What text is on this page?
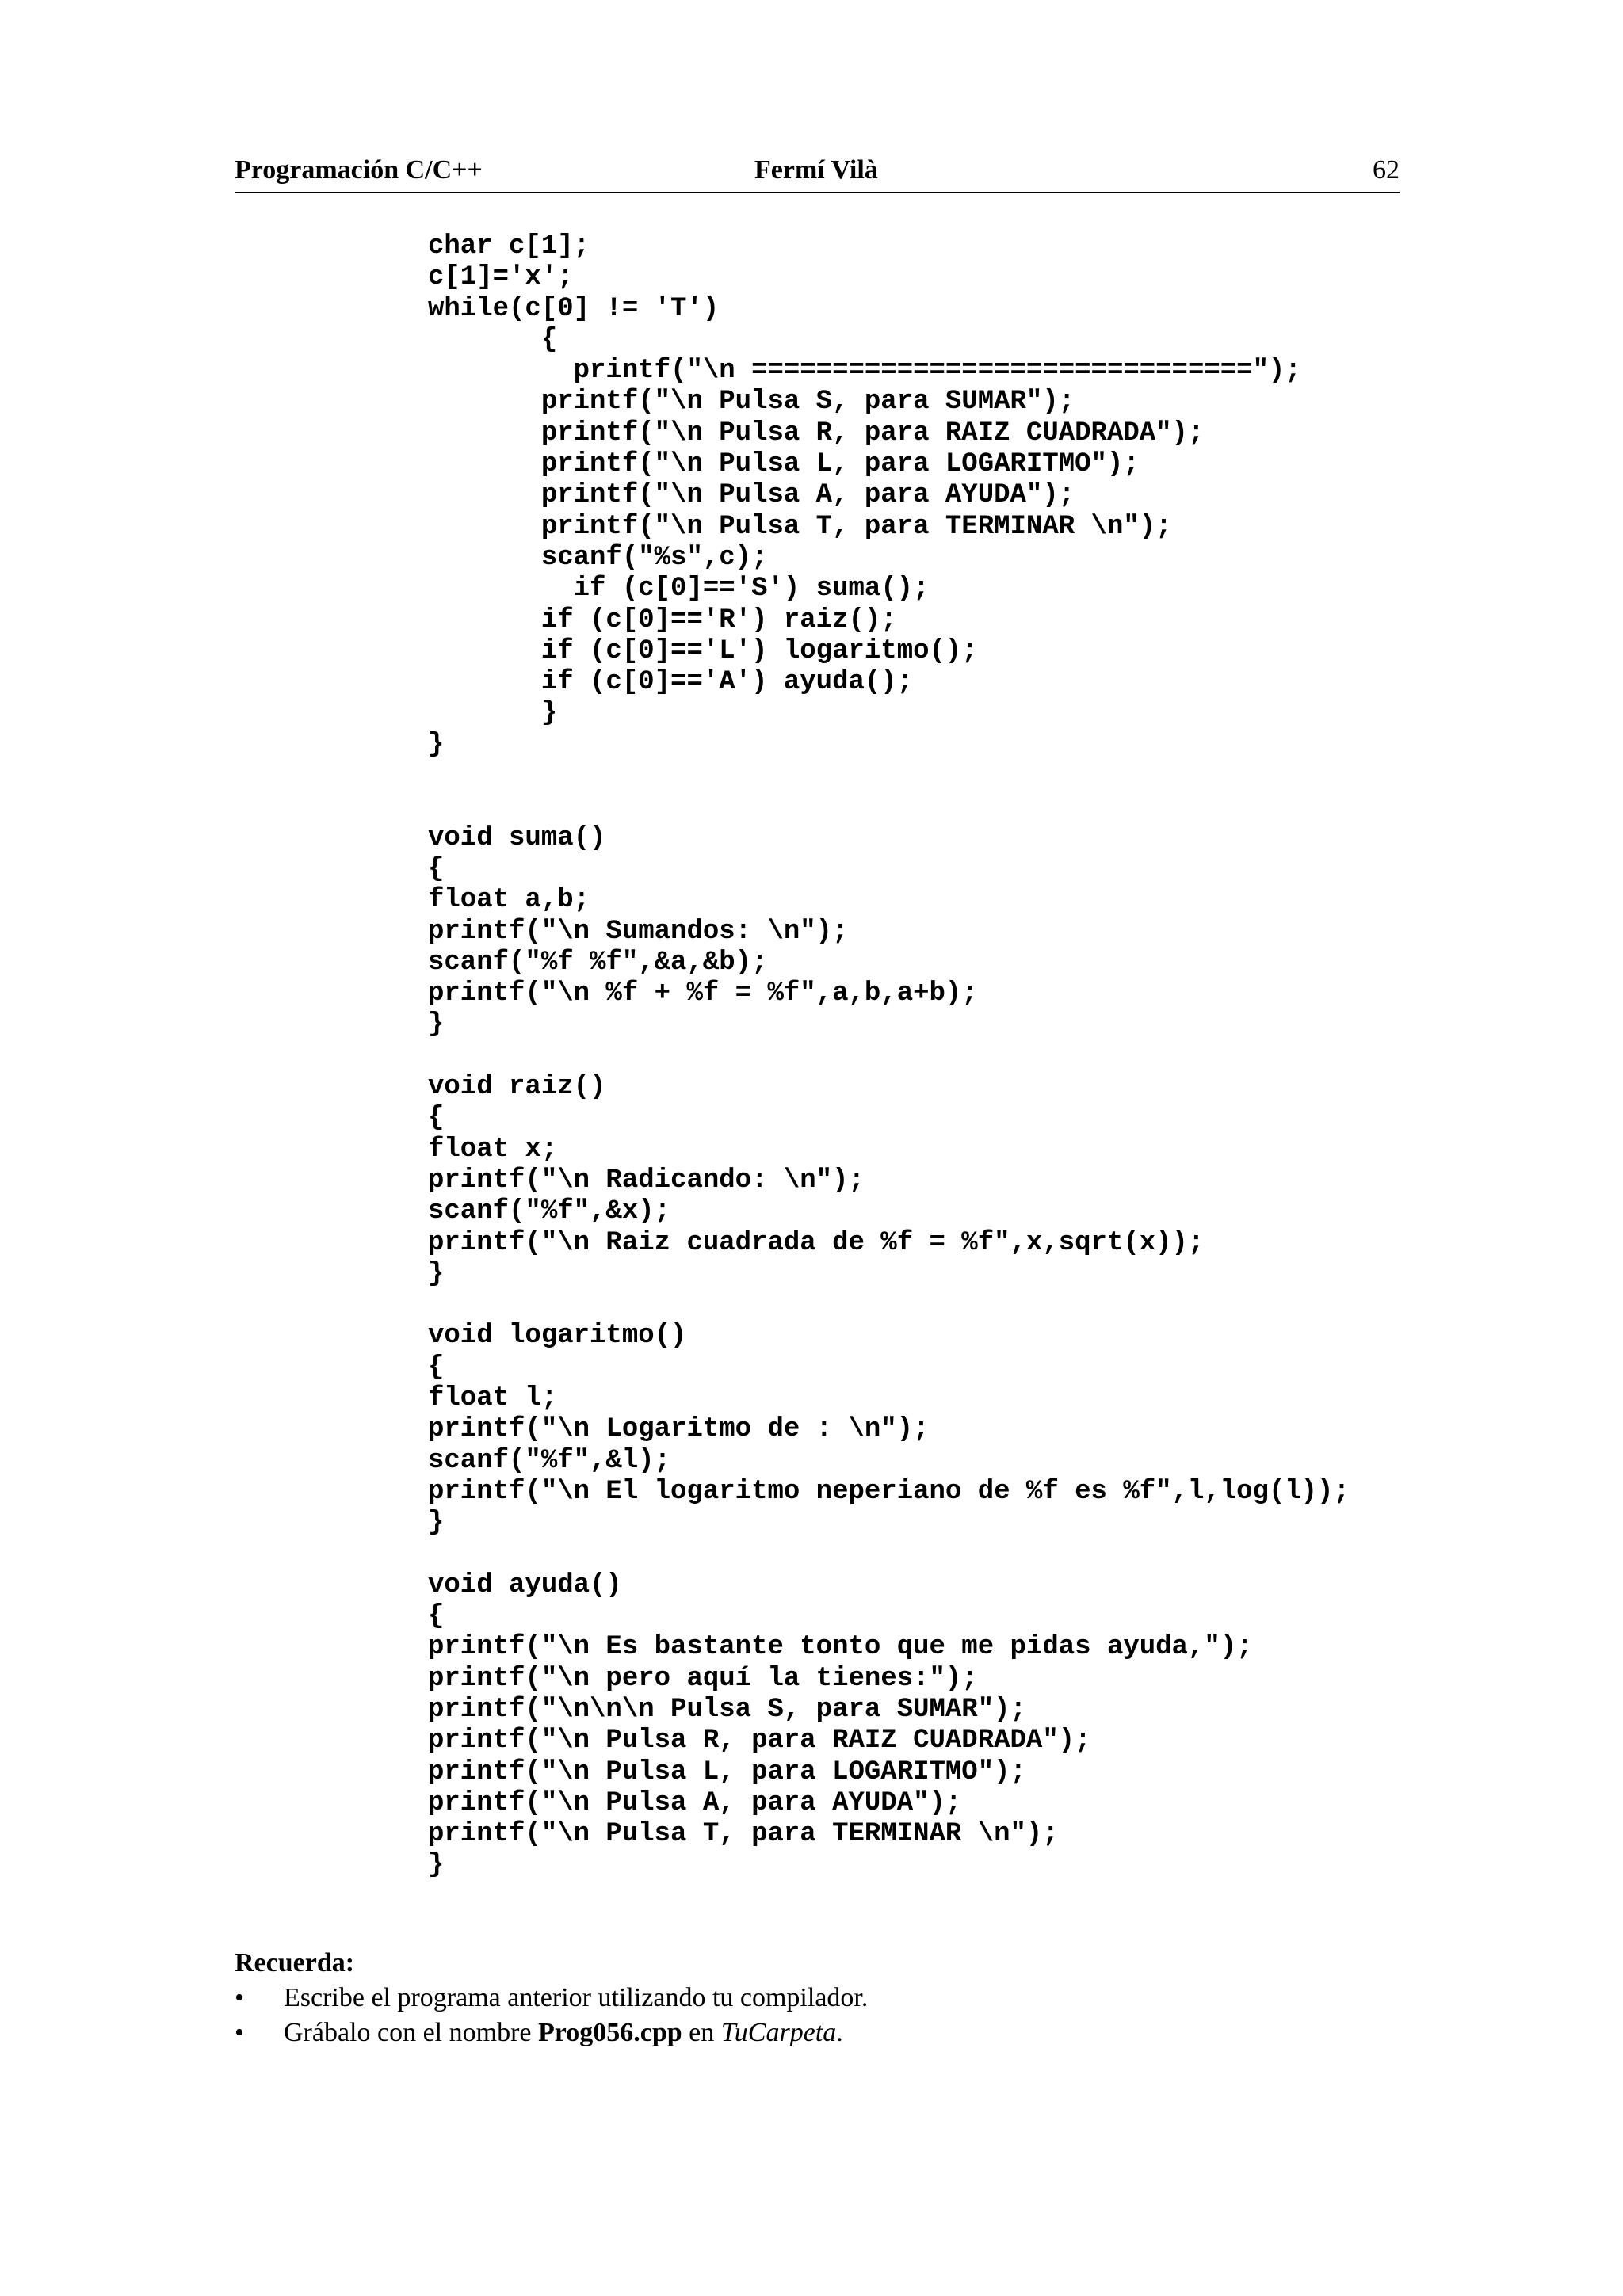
Programación C/C++	Fermí Vilà	62
char c[1];
c[1]='x';
while(c[0] != 'T')
{
printf("\n ===============================");
printf("\n Pulsa S, para SUMAR");
printf("\n Pulsa R, para RAIZ CUADRADA");
printf("\n Pulsa L, para LOGARITMO");
printf("\n Pulsa A, para AYUDA");
printf("\n Pulsa T, para TERMINAR \n");
scanf("%s",c);
if (c[0]=='S') suma();
if (c[0]=='R') raiz();
if (c[0]=='L') logaritmo();
if (c[0]=='A') ayuda();
}
}
void suma()
{
float a,b;
printf("\n Sumandos: \n");
scanf("%f %f",&a,&b);
printf("\n %f + %f = %f",a,b,a+b);
}
void raiz()
{
float x;
printf("\n Radicando: \n");
scanf("%f",&x);
printf("\n Raiz cuadrada de %f = %f",x,sqrt(x));
}
void logaritmo()
{
float l;
printf("\n Logaritmo de : \n");
scanf("%f",&l);
printf("\n El logaritmo neperiano de %f es %f",l,log(l));
}
void ayuda()
{
printf("\n Es bastante tonto que me pidas ayuda,");
printf("\n pero aquí la tienes:");
printf("\n\n\n Pulsa S, para SUMAR");
printf("\n Pulsa R, para RAIZ CUADRADA");
printf("\n Pulsa L, para LOGARITMO");
printf("\n Pulsa A, para AYUDA");
printf("\n Pulsa T, para TERMINAR \n");
}
Recuerda:
• Escribe el programa anterior utilizando tu compilador.
• Grábalo con el nombre Prog056.cpp en TuCarpeta.
